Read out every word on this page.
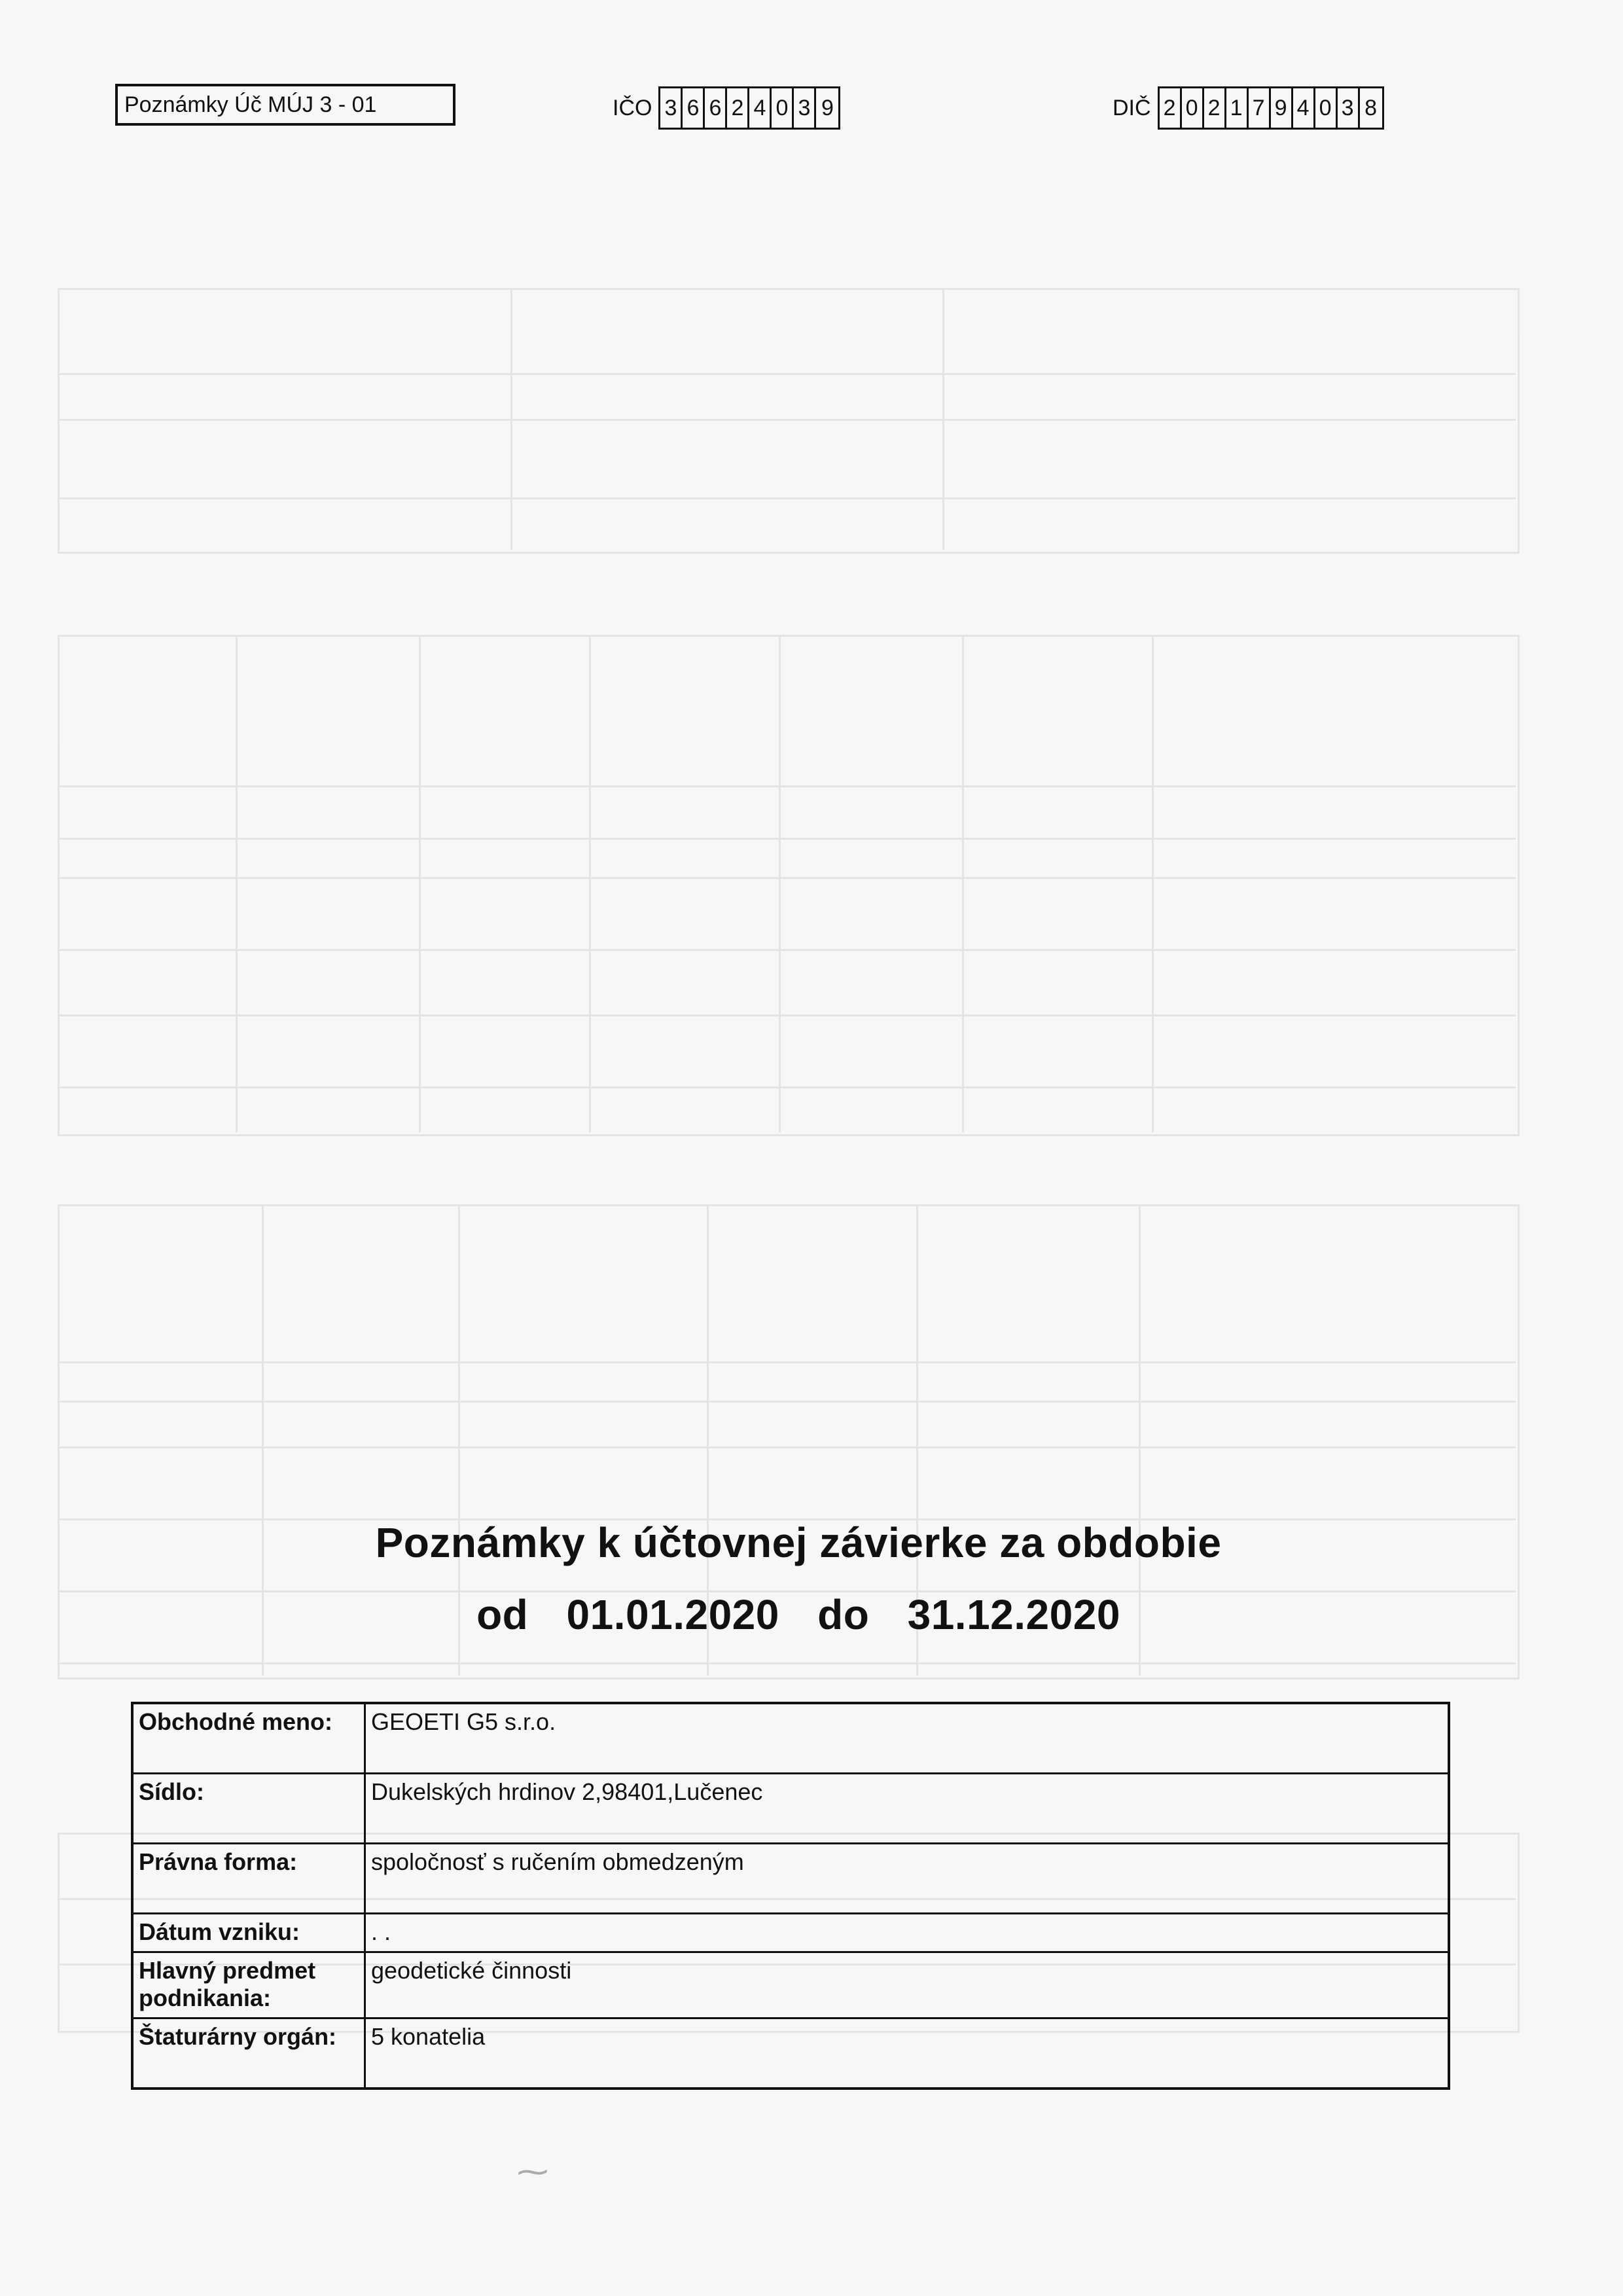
Poznámky Úč MÚJ 3 - 01	IČO 3 6 6 2 4 0 3 9	DIČ 2 0 2 1 7 9 4 0 3 8
Poznámky k účtovnej závierke za obdobie
od 01.01.2020 do 31.12.2020
Obchodné meno:	GEOETI G5 s.r.o.
Sídlo:	Dukelských hrdinov 2,98401,Lučenec
Právna forma:	spoločnosť s ručením obmedzeným
Dátum vzniku:	. .
Hlavný predmet podnikania:	geodetické činnosti
Štaturárny orgán:	5 konatelia
⁓
